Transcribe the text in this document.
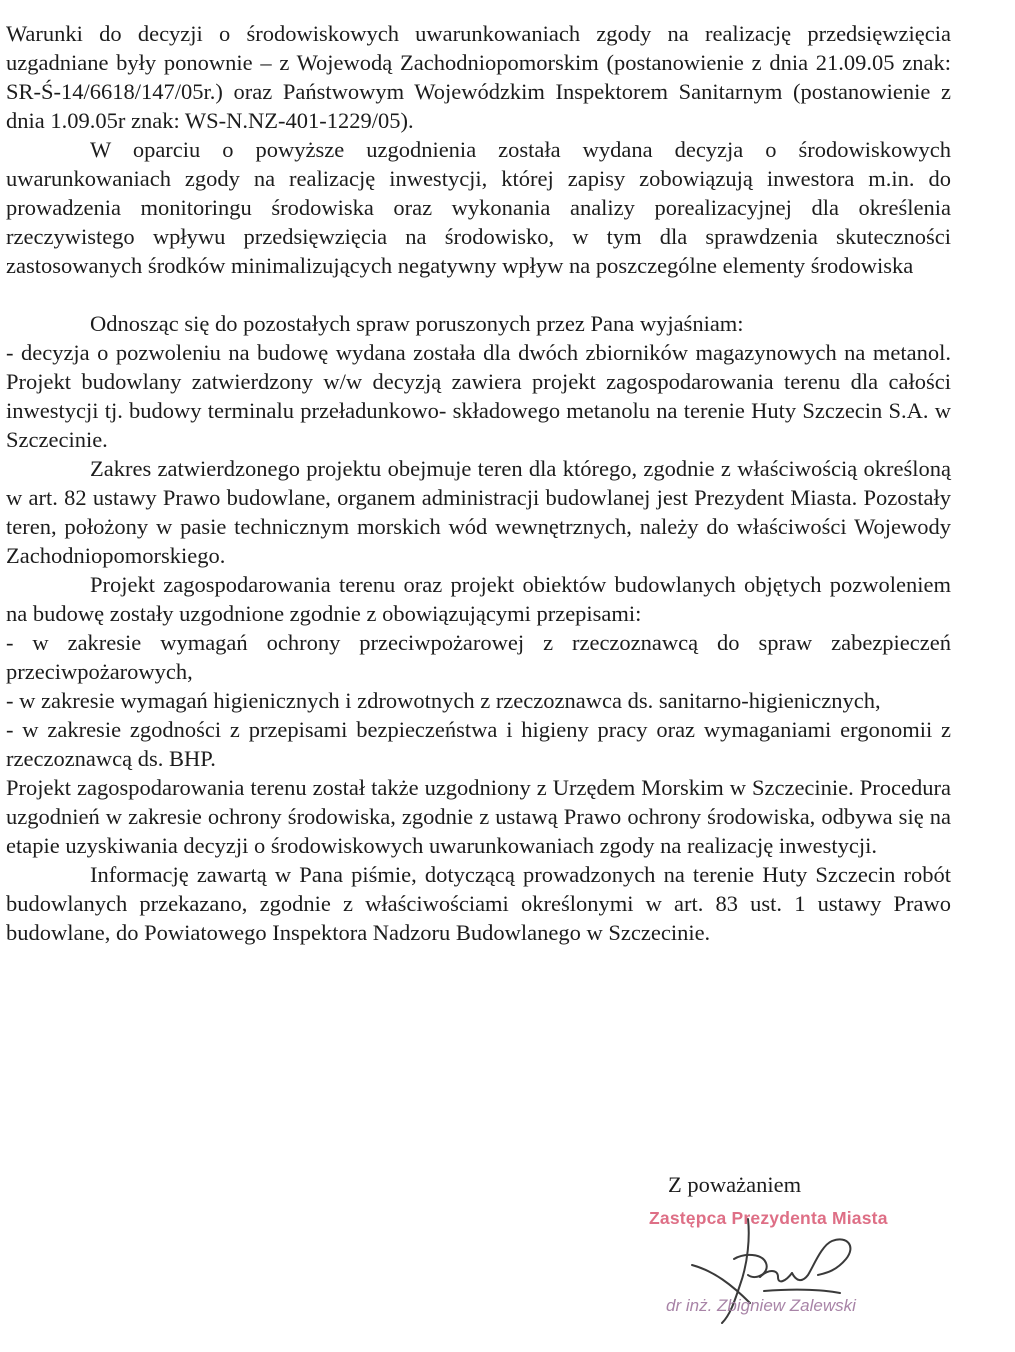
Warunki do decyzji o środowiskowych uwarunkowaniach zgody na realizację przedsięwzięcia uzgadniane były ponownie – z Wojewodą Zachodniopomorskim (postanowienie z dnia 21.09.05 znak: SR-Ś-14/6618/147/05r.) oraz Państwowym Wojewódzkim Inspektorem Sanitarnym (postanowienie z dnia 1.09.05r znak: WS-N.NZ-401-1229/05).

W oparciu o powyższe uzgodnienia została wydana decyzja o środowiskowych uwarunkowaniach zgody na realizację inwestycji, której zapisy zobowiązują inwestora m.in. do prowadzenia monitoringu środowiska oraz wykonania analizy porealizacyjnej dla określenia rzeczywistego wpływu przedsięwzięcia na środowisko, w tym dla sprawdzenia skuteczności zastosowanych środków minimalizujących negatywny wpływ na poszczególne elementy środowiska

Odnosząc się do pozostałych spraw poruszonych przez Pana wyjaśniam:

- decyzja o pozwoleniu na budowę wydana została dla dwóch zbiorników magazynowych na metanol. Projekt budowlany zatwierdzony w/w decyzją zawiera projekt zagospodarowania terenu dla całości inwestycji tj. budowy terminalu przeładunkowo- składowego metanolu na terenie Huty Szczecin S.A. w Szczecinie.

Zakres zatwierdzonego projektu obejmuje teren dla którego, zgodnie z właściwością określoną w art. 82 ustawy Prawo budowlane, organem administracji budowlanej jest Prezydent Miasta. Pozostały teren, położony w pasie technicznym morskich wód wewnętrznych, należy do właściwości Wojewody Zachodniopomorskiego.

Projekt zagospodarowania terenu oraz projekt obiektów budowlanych objętych pozwoleniem na budowę zostały uzgodnione zgodnie z obowiązującymi przepisami:

- w zakresie wymagań ochrony przeciwpożarowej z rzeczoznawcą do spraw zabezpieczeń przeciwpożarowych,

- w zakresie wymagań higienicznych i zdrowotnych z rzeczoznawca ds. sanitarno-higienicznych,

- w zakresie zgodności z przepisami bezpieczeństwa i higieny pracy oraz wymaganiami ergonomii z rzeczoznawcą ds. BHP.

Projekt zagospodarowania terenu został także uzgodniony z Urzędem Morskim w Szczecinie. Procedura uzgodnień w zakresie ochrony środowiska, zgodnie z ustawą Prawo ochrony środowiska, odbywa się na etapie uzyskiwania decyzji o środowiskowych uwarunkowaniach zgody na realizację inwestycji.

Informację zawartą w Pana piśmie, dotyczącą prowadzonych na terenie Huty Szczecin robót budowlanych przekazano, zgodnie z właściwościami określonymi w art. 83 ust. 1 ustawy Prawo budowlane, do Powiatowego Inspektora Nadzoru Budowlanego w Szczecinie.

Z poważaniem
Zastępca Prezydenta Miasta
dr inż. Zbigniew Zalewski
